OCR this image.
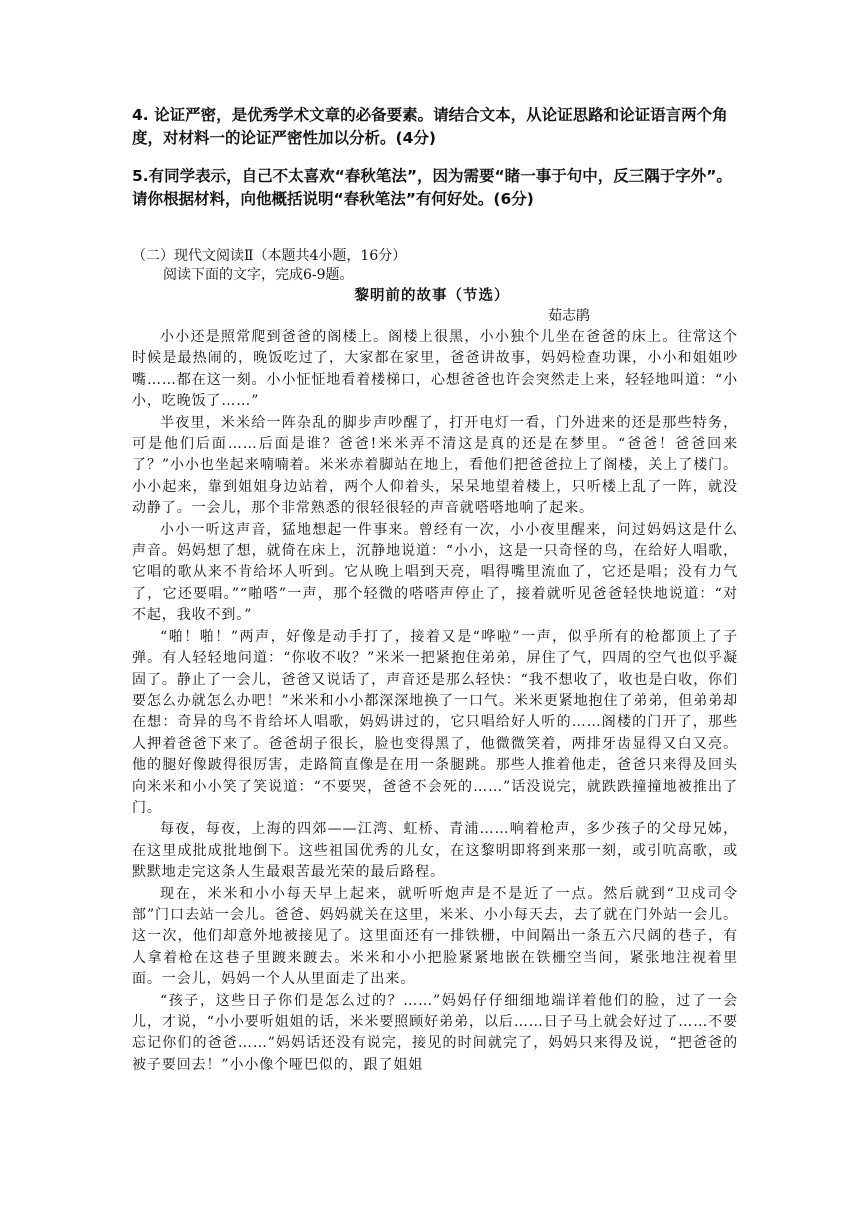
4. 论证严密，是优秀学术文章的必备要素。请结合文本，从论证思路和论证语言两个角度，对材料一的论证严密性加以分析。(4分)
5.有同学表示，自己不太喜欢“春秋笔法”，因为需要“睹一事于句中，反三隅于字外”。请你根据材料，向他概括说明“春秋笔法”有何好处。(6分)
（二）现代文阅读Ⅱ（本题共4小题，16分）
阅读下面的文字，完成6-9题。
黎明前的故事（节选）
茹志鹃

小小还是照常爬到爸爸的阁楼上。阁楼上很黑，小小独个儿坐在爸爸的床上。往常这个时候是最热闹的，晚饭吃过了，大家都在家里，爸爸讲故事，妈妈检查功课，小小和姐姐吵嘴……都在这一刻。小小怔怔地看着楼梯口，心想爸爸也许会突然走上来，轻轻地叫道：“小小，吃晚饭了……”

半夜里，米米给一阵杂乱的脚步声吵醒了，打开电灯一看，门外进来的还是那些特务，可是他们后面……后面是谁？爸爸!米米弄不清这是真的还是在梦里。“爸爸！爸爸回来了？”小小也坐起来喃喃着。米米赤着脚站在地上，看他们把爸爸拉上了阁楼，关上了楼门。小小起来，靠到姐姐身边站着，两个人仰着头，呆呆地望着楼上，只听楼上乱了一阵，就没动静了。一会儿，那个非常熟悉的很轻很轻的声音就嗒嗒地响了起来。

小小一听这声音，猛地想起一件事来。曾经有一次，小小夜里醒来，问过妈妈这是什么声音。妈妈想了想，就倚在床上，沉静地说道：“小小，这是一只奇怪的鸟，在给好人唱歌，它唱的歌从来不肯给坏人听到。它从晚上唱到天亮，唱得嘴里流血了，它还是唱；没有力气了，它还要唱。”“啪嗒”一声，那个轻微的嗒嗒声停止了，接着就听见爸爸轻快地说道：“对不起，我收不到。”

“啪！啪！”两声，好像是动手打了，接着又是“哗啦”一声，似乎所有的枪都顶上了子弹。有人轻轻地问道：“你收不收？”米米一把紧抱住弟弟，屏住了气，四周的空气也似乎凝固了。静止了一会儿，爸爸又说话了，声音还是那么轻快：“我不想收了，收也是白收，你们要怎么办就怎么办吧！”米米和小小都深深地换了一口气。米米更紧地抱住了弟弟，但弟弟却在想：奇异的鸟不肯给坏人唱歌，妈妈讲过的，它只唱给好人听的……阁楼的门开了，那些人押着爸爸下来了。爸爸胡子很长，脸也变得黑了，他微微笑着，两排牙齿显得又白又亮。他的腿好像跛得很厉害，走路简直像是在用一条腿跳。那些人推着他走，爸爸只来得及回头向米米和小小笑了笑说道：“不要哭，爸爸不会死的……”话没说完，就跌跌撞撞地被推出了门。

每夜，每夜，上海的四郊——江湾、虹桥、青浦……响着枪声，多少孩子的父母兄姊，在这里成批成批地倒下。这些祖国优秀的儿女，在这黎明即将到来那一刻，或引吭高歌，或默默地走完这条人生最艰苦最光荣的最后路程。

现在，米米和小小每天早上起来，就听听炮声是不是近了一点。然后就到“卫戍司令部”门口去站一会儿。爸爸、妈妈就关在这里，米米、小小每天去，去了就在门外站一会儿。这一次，他们却意外地被接见了。这里面还有一排铁栅，中间隔出一条五六尺阔的巷子，有人拿着枪在这巷子里踱来踱去。米米和小小把脸紧紧地嵌在铁栅空当间，紧张地注视着里面。一会儿，妈妈一个人从里面走了出来。

“孩子，这些日子你们是怎么过的？……”妈妈仔仔细细地端详着他们的脸，过了一会儿，才说，“小小要听姐姐的话，米米要照顾好弟弟，以后……日子马上就会好过了……不要忘记你们的爸爸……”妈妈话还没有说完，接见的时间就完了，妈妈只来得及说，“把爸爸的被子要回去！”小小像个哑巴似的，跟了姐姐
